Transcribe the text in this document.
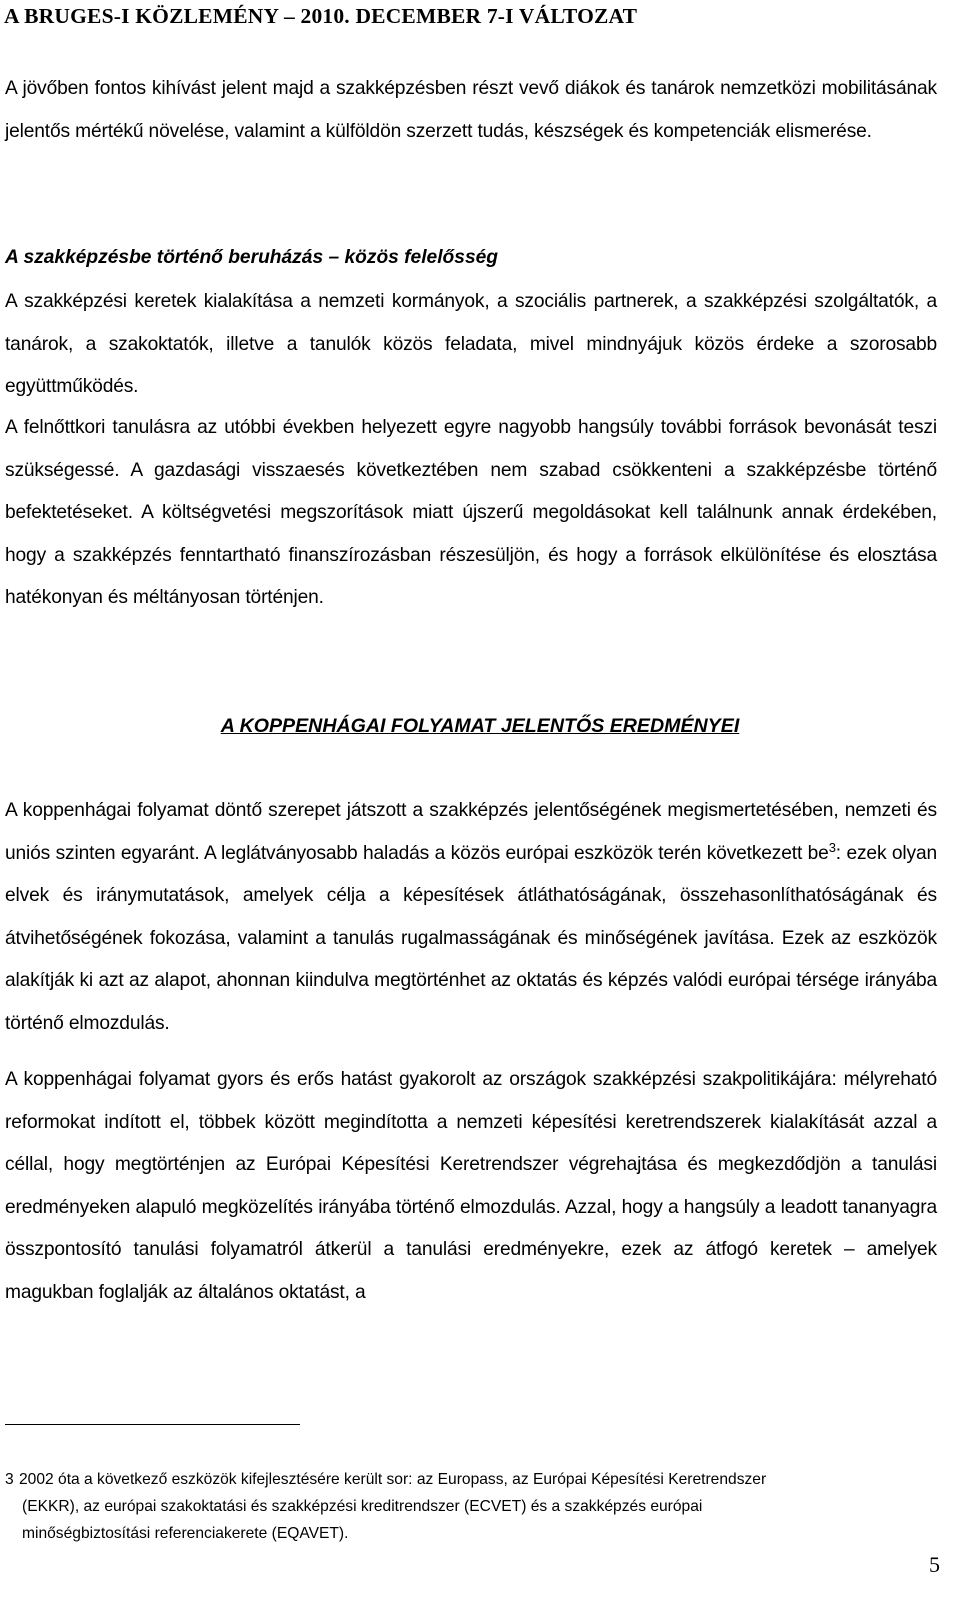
A BRUGES-I KÖZLEMÉNY – 2010. DECEMBER 7-I VÁLTOZAT

A jövőben fontos kihívást jelent majd a szakképzésben részt vevő diákok és tanárok nemzetközi mobilitásának jelentős mértékű növelése, valamint a külföldön szerzett tudás, készségek és kompetenciák elismerése.

A szakképzésbe történő beruházás – közös felelősség

A szakképzési keretek kialakítása a nemzeti kormányok, a szociális partnerek, a szakképzési szolgáltatók, a tanárok, a szakoktatók, illetve a tanulók közös feladata, mivel mindnyájuk közös érdeke a szorosabb együttműködés.

A felnőttkori tanulásra az utóbbi években helyezett egyre nagyobb hangsúly további források bevonását teszi szükségessé. A gazdasági visszaesés következtében nem szabad csökkenteni a szakképzésbe történő befektetéseket. A költségvetési megszorítások miatt újszerű megoldásokat kell találnunk annak érdekében, hogy a szakképzés fenntartható finanszírozásban részesüljön, és hogy a források elkülönítése és elosztása hatékonyan és méltányosan történjen.

A KOPPENHÁGAI FOLYAMAT JELENTŐS EREDMÉNYEI

A koppenhágai folyamat döntő szerepet játszott a szakképzés jelentőségének megismertetésében, nemzeti és uniós szinten egyaránt. A leglátványosabb haladás a közös európai eszközök terén következett be$^3$: ezek olyan elvek és iránymutatások, amelyek célja a képesítések átláthatóságának, összehasonlíthatóságának és átvihetőségének fokozása, valamint a tanulás rugalmasságának és minőségének javítása. Ezek az eszközök alakítják ki azt az alapot, ahonnan kiindulva megtörténhet az oktatás és képzés valódi európai térsége irányába történő elmozdulás.

A koppenhágai folyamat gyors és erős hatást gyakorolt az országok szakképzési szakpolitikájára: mélyreható reformokat indított el, többek között megindította a nemzeti képesítési keretrendszerek kialakítását azzal a céllal, hogy megtörténjen az Európai Képesítési Keretrendszer végrehajtása és megkezdődjön a tanulási eredményeken alapuló megközelítés irányába történő elmozdulás. Azzal, hogy a hangsúly a leadott tananyagra összpontosító tanulási folyamatról átkerül a tanulási eredményekre, ezek az átfogó keretek – amelyek magukban foglalják az általános oktatást, a

3 2002 óta a következő eszközök kifejlesztésére került sor: az Europass, az Európai Képesítési Keretrendszer
(EKKR), az európai szakoktatási és szakképzési kreditrendszer (ECVET) és a szakképzés európai
minőségbiztosítási referenciakerete (EQAVET).

5
